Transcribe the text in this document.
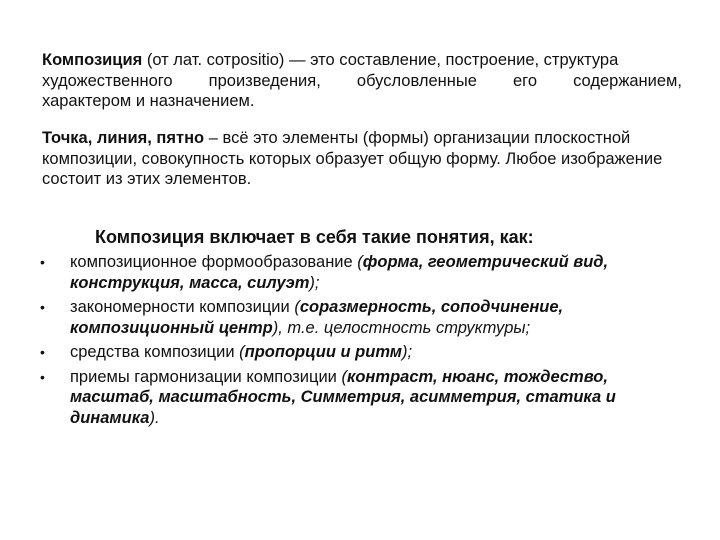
Композиция (от лат. cотpositio) — это составление, построение, структура
художественного произведения, обусловленные его содержанием,
характером и назначением.
Точка, линия, пятно – всё это элементы (формы) организации плоскостной композиции, совокупность которых образует общую форму. Любое изображение состоит из этих элементов.
Композиция включает в себя такие понятия, как:
• композиционное формообразование (форма, геометрический вид, конструкция, масса, силуэт);
• закономерности композиции (соразмерность, соподчинение, композиционный центр), т.е. целостность структуры;
• средства композиции (пропорции и ритм);
• приемы гармонизации композиции (контраст, нюанс, тождество, масштаб, масштабность, Симметрия, асимметрия, статика и динамика).
